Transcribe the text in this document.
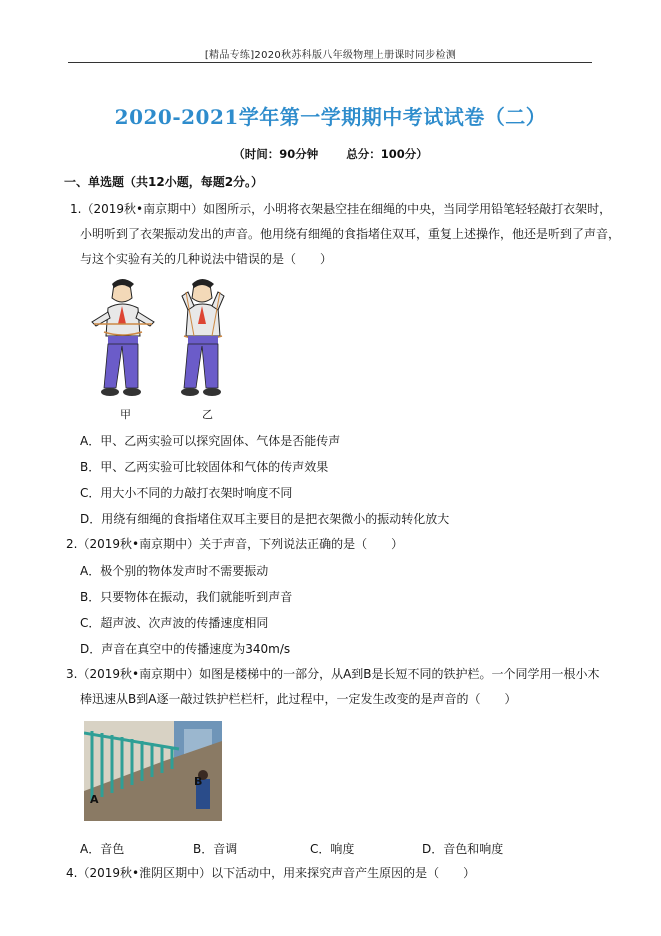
[精品专练]2020秋苏科版八年级物理上册课时同步检测
2020-2021学年第一学期期中考试试卷（二）
（时间：90分钟 总分：100分）
一、单选题（共12小题，每题2分。）
1.（2019秋•南京期中）如图所示，小明将衣架悬空挂在细绳的中央，当同学用铅笔轻轻敲打衣架时，
小明听到了衣架振动发出的声音。他用绕有细绳的食指堵住双耳，重复上述操作，他还是听到了声音，
与这个实验有关的几种说法中错误的是（　　）
甲	乙
A．甲、乙两实验可以探究固体、气体是否能传声
B．甲、乙两实验可比较固体和气体的传声效果
C．用大小不同的力敲打衣架时响度不同
D．用绕有细绳的食指堵住双耳主要目的是把衣架微小的振动转化放大
2.（2019秋•南京期中）关于声音，下列说法正确的是（　　）
A．极个别的物体发声时不需要振动
B．只要物体在振动，我们就能听到声音
C．超声波、次声波的传播速度相同
D．声音在真空中的传播速度为340m/s
3.（2019秋•南京期中）如图是楼梯中的一部分，从A到B是长短不同的铁护栏。一个同学用一根小木
棒迅速从B到A逐一敲过铁护栏栏杆，此过程中，一定发生改变的是声音的（　　）
A
B
A．音色	B．音调	C．响度	D．音色和响度
4.（2019秋•淮阴区期中）以下活动中，用来探究声音产生原因的是（　　）
